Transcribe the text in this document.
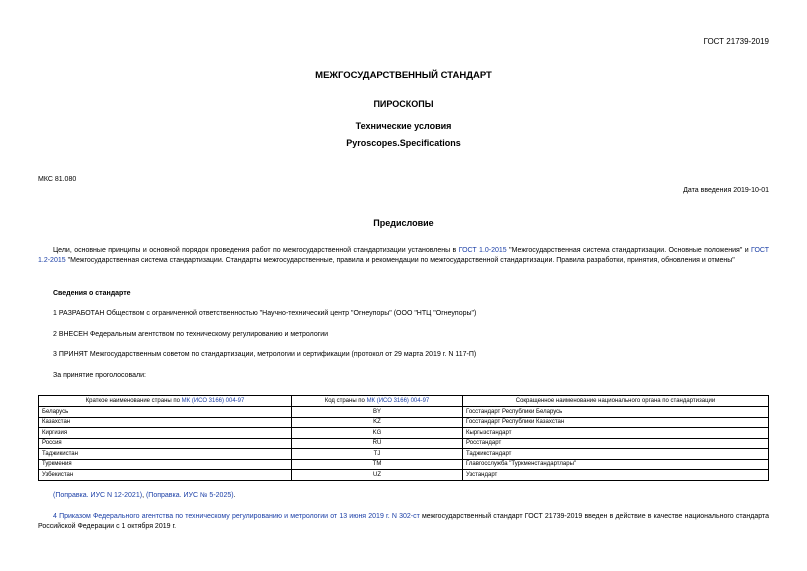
ГОСТ 21739-2019
МЕЖГОСУДАРСТВЕННЫЙ СТАНДАРТ
ПИРОСКОПЫ
Технические условия
Pyroscopes.Specifications
МКС 81.080
Дата введения 2019-10-01
Предисловие
Цели, основные принципы и основной порядок проведения работ по межгосударственной стандартизации установлены в ГОСТ 1.0-2015 "Межгосударственная система стандартизации. Основные положения" и ГОСТ 1.2-2015 "Межгосударственная система стандартизации. Стандарты межгосударственные, правила и рекомендации по межгосударственной стандартизации. Правила разработки, принятия, обновления и отмены"
Сведения о стандарте
1 РАЗРАБОТАН Обществом с ограниченной ответственностью "Научно-технический центр "Огнеупоры" (ООО "НТЦ "Огнеупоры")
2 ВНЕСЕН Федеральным агентством по техническому регулированию и метрологии
3 ПРИНЯТ Межгосударственным советом по стандартизации, метрологии и сертификации (протокол от 29 марта 2019 г. N 117-П)
За принятие проголосовали:
Краткое наименование страны по МК (ИСО 3166) 004-97	Код страны по МК (ИСО 3166) 004-97	Сокращенное наименование национального органа по стандартизации
Беларусь	BY	Госстандарт Республики Беларусь
Казахстан	KZ	Госстандарт Республики Казахстан
Киргизия	KG	Кыргызстандарт
Россия	RU	Росстандарт
Таджикистан	TJ	Таджикстандарт
Туркмения	TM	Главгосслужба "Туркменстандартлары"
Узбекистан	UZ	Узстандарт
(Поправка. ИУС N 12-2021), (Поправка. ИУС № 5-2025).
4 Приказом Федерального агентства по техническому регулированию и метрологии от 13 июня 2019 г. N 302-ст межгосударственный стандарт ГОСТ 21739-2019 введен в действие в качестве национального стандарта Российской Федерации с 1 октября 2019 г.
